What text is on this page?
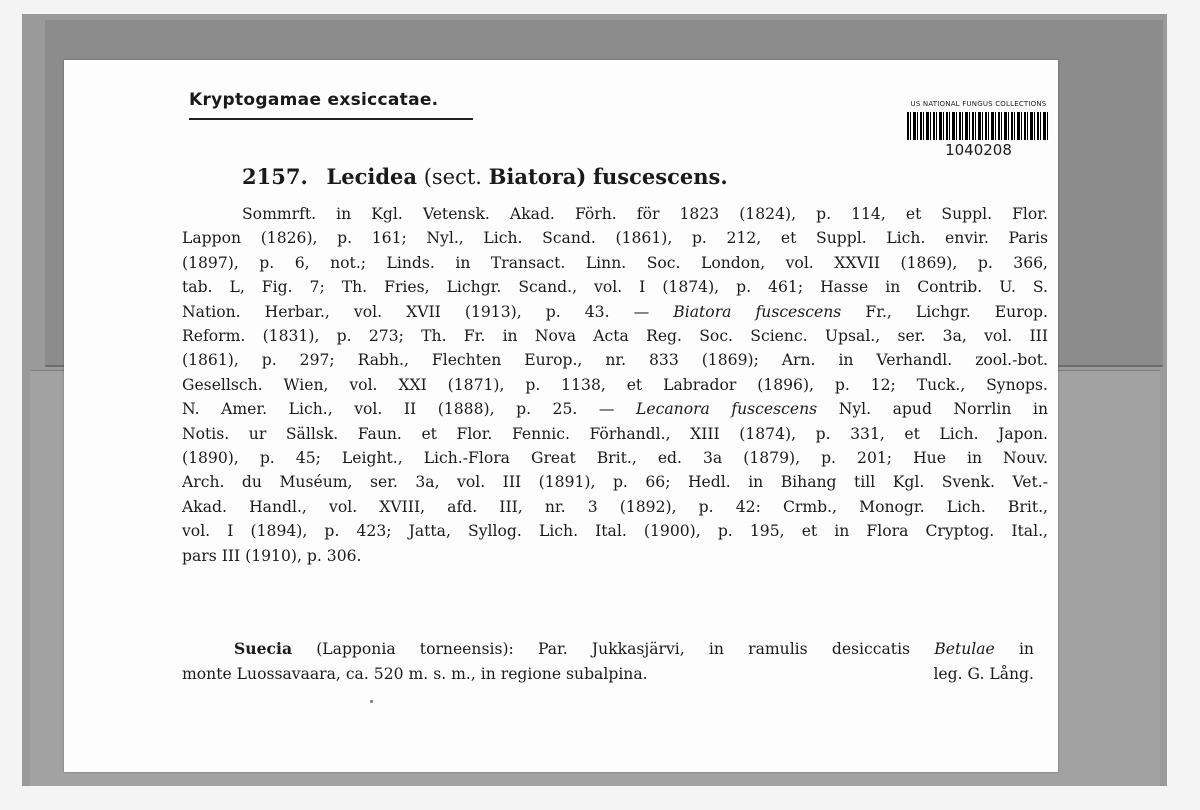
Kryptogamae exsiccatae.	US NATIONAL FUNGUS COLLECTIONS
1040208
2157. Lecidea (sect. Biatora) fuscescens.
Sommrft. in Kgl. Vetensk. Akad. Förh. för 1823 (1824), p. 114, et Suppl. Flor.
Lappon (1826), p. 161; Nyl., Lich. Scand. (1861), p. 212, et Suppl. Lich. envir. Paris
(1897), p. 6, not.; Linds. in Transact. Linn. Soc. London, vol. XXVII (1869), p. 366,
tab. L, Fig. 7; Th. Fries, Lichgr. Scand., vol. I (1874), p. 461; Hasse in Contrib. U. S.
Nation. Herbar., vol. XVII (1913), p. 43. — Biatora fuscescens Fr., Lichgr. Europ.
Reform. (1831), p. 273; Th. Fr. in Nova Acta Reg. Soc. Scienc. Upsal., ser. 3a, vol. III
(1861), p. 297; Rabh., Flechten Europ., nr. 833 (1869); Arn. in Verhandl. zool.-bot.
Gesellsch. Wien, vol. XXI (1871), p. 1138, et Labrador (1896), p. 12; Tuck., Synops.
N. Amer. Lich., vol. II (1888), p. 25. — Lecanora fuscescens Nyl. apud Norrlin in
Notis. ur Sällsk. Faun. et Flor. Fennic. Förhandl., XIII (1874), p. 331, et Lich. Japon.
(1890), p. 45; Leight., Lich.-Flora Great Brit., ed. 3a (1879), p. 201; Hue in Nouv.
Arch. du Muséum, ser. 3a, vol. III (1891), p. 66; Hedl. in Bihang till Kgl. Svenk. Vet.-
Akad. Handl., vol. XVIII, afd. III, nr. 3 (1892), p. 42: Crmb., Monogr. Lich. Brit.,
vol. I (1894), p. 423; Jatta, Syllog. Lich. Ital. (1900), p. 195, et in Flora Cryptog. Ital.,
pars III (1910), p. 306.
Suecia (Lapponia torneensis): Par. Jukkasjärvi, in ramulis desiccatis Betulae in
monte Luossavaara, ca. 520 m. s. m., in regione subalpina.	leg. G. Lång.
